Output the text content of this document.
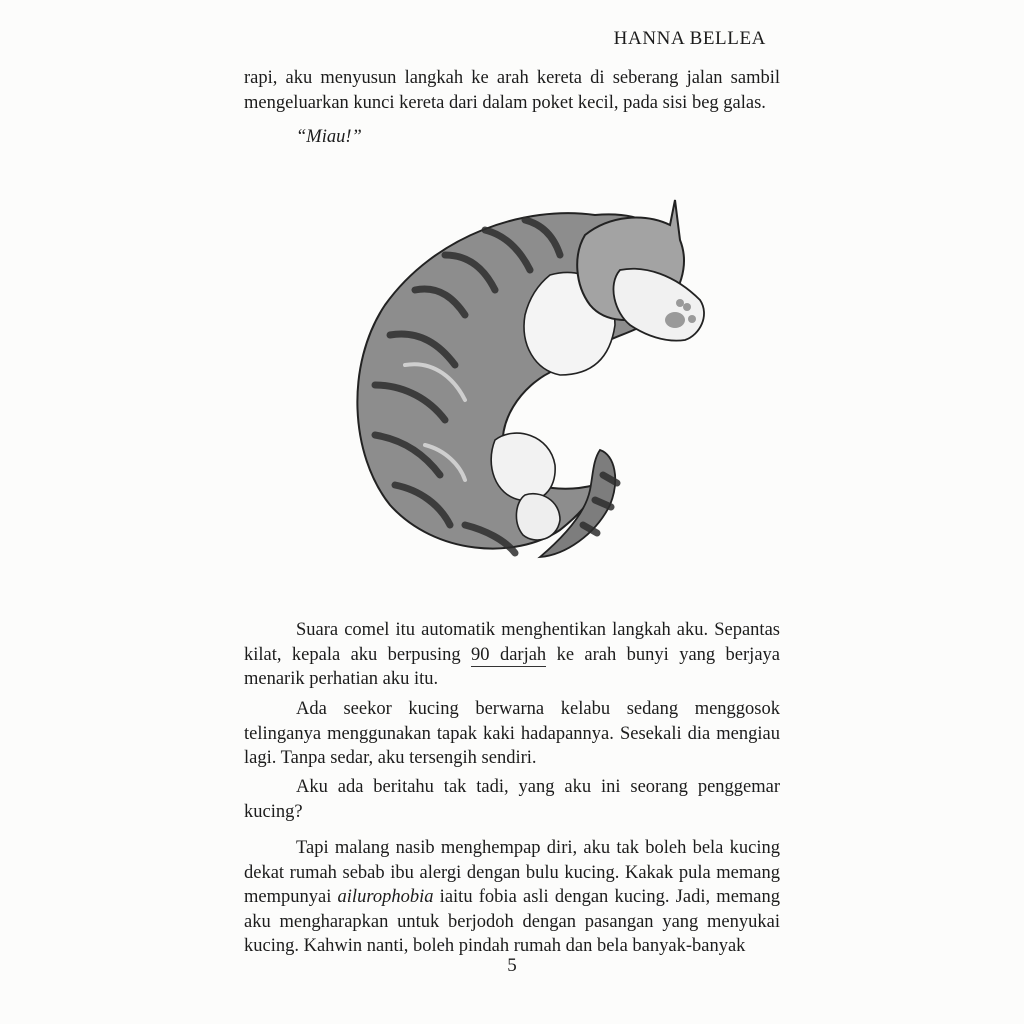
HANNA BELLEA
rapi, aku menyusun langkah ke arah kereta di seberang jalan sambil mengeluarkan kunci kereta dari dalam poket kecil, pada sisi beg galas.
“Miau!”
Suara comel itu automatik menghentikan langkah aku. Sepantas kilat, kepala aku berpusing 90 darjah ke arah bunyi yang berjaya menarik perhatian aku itu.
Ada seekor kucing berwarna kelabu sedang menggosok telinganya menggunakan tapak kaki hadapannya. Sesekali dia mengiau lagi. Tanpa sedar, aku tersengih sendiri.
Aku ada beritahu tak tadi, yang aku ini seorang penggemar kucing?
Tapi malang nasib menghempap diri, aku tak boleh bela kucing dekat rumah sebab ibu alergi dengan bulu kucing. Kakak pula memang mempunyai ailurophobia iaitu fobia asli dengan kucing. Jadi, memang aku mengharapkan untuk berjodoh dengan pasangan yang menyukai kucing. Kahwin nanti, boleh pindah rumah dan bela banyak-banyak
5
